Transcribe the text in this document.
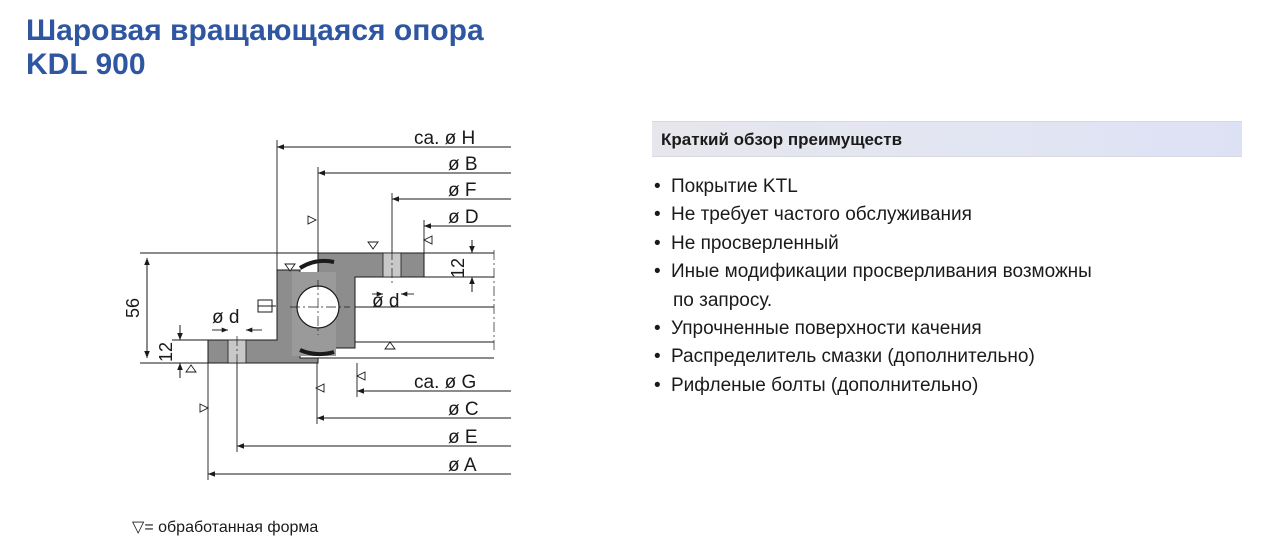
Шаровая вращающаяся опора
KDL 900
ca. ø H
ø B
ø F
ø D
ca. ø G
ø C
ø E
ø A
ø d
ø d
56
12
12
▽= обработанная форма
Краткий обзор преимуществ
• Покрытие KTL
• Не требует частого обслуживания
• Не просверленный
• Иные модификации просверливания возможны
по запросу.
• Упрочненные поверхности качения
• Распределитель смазки (дополнительно)
• Рифленые болты (дополнительно)
